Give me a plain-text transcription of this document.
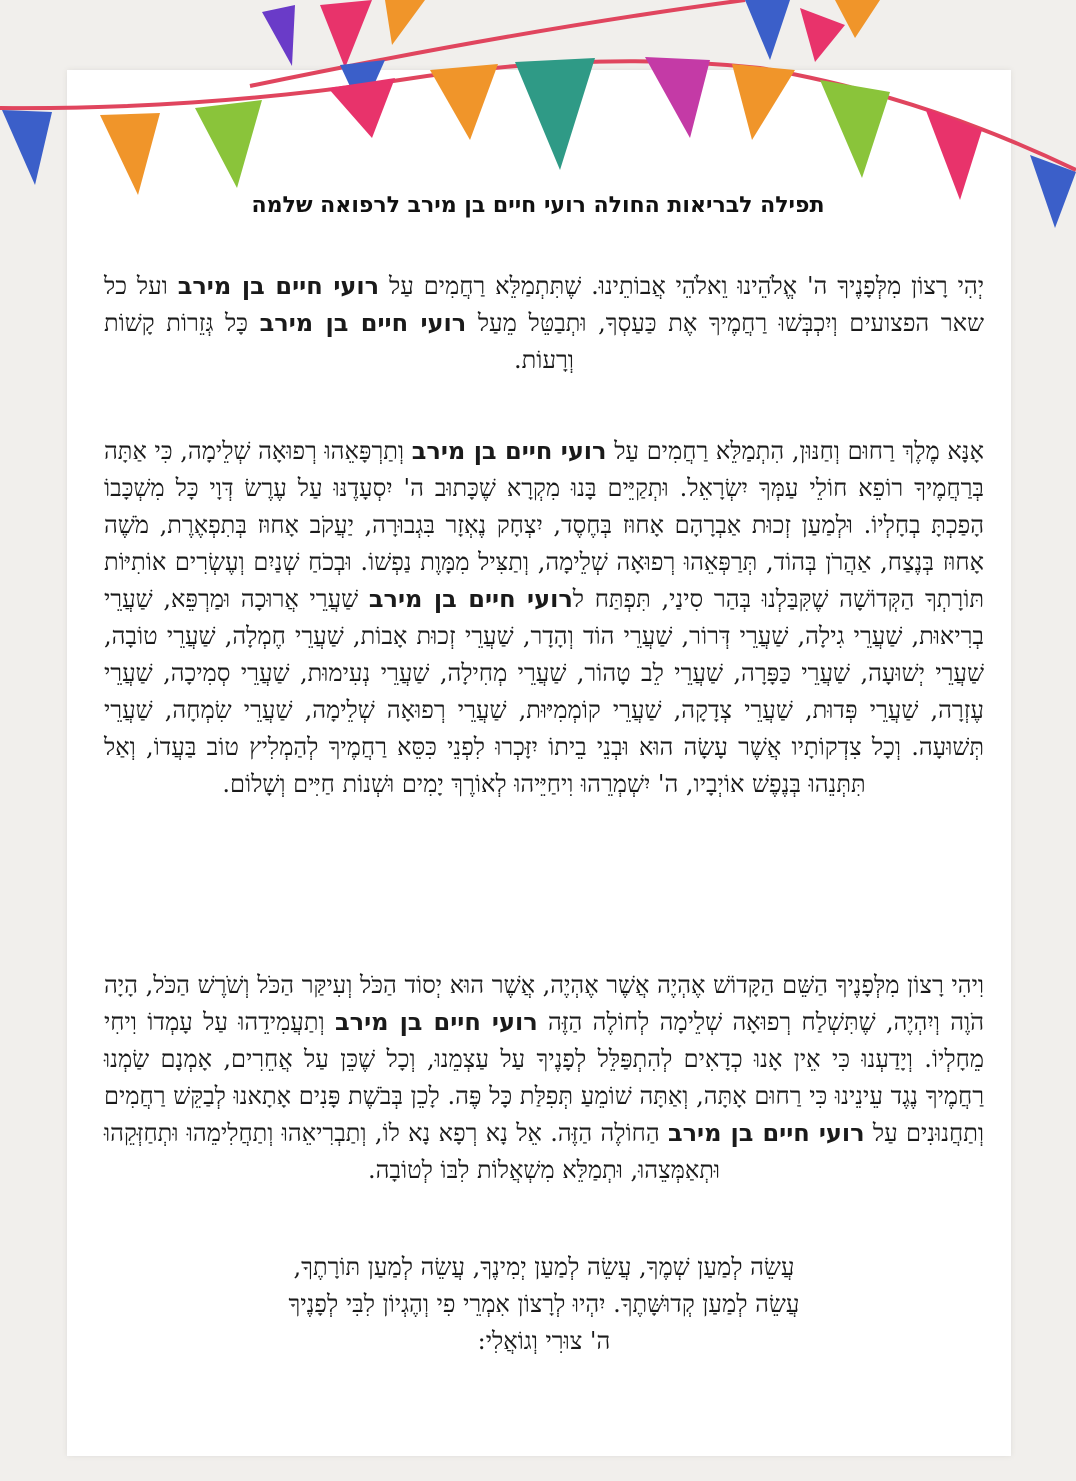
תפילה לבריאות החולה רועי חיים בן מירב לרפואה שלמה
יְהִי רָצוֹן מִלְּפָנֶיךָ ה' אֱלֹהֵינוּ וֵאלֹהֵי אֲבוֹתֵינוּ. שֶׁתִּתְמַלֵּא רַחֲמִים עַל רועי חיים בן מירב ועל כל שאר הפצועים וְיִכְבְּשׁוּ רַחֲמֶיךָ אֶת כַּעַסְךָ, וּתְבַטֵּל מֵעַל רועי חיים בן מירב כָּל גְּזֵרוֹת קָשׁוֹת וְרָעוֹת.
אָנָּא מֶלֶךְ רַחוּם וְחַנּוּן, הִתְמַלֵּא רַחֲמִים עַל רועי חיים בן מירב וְתַרְפָּאֵהוּ רְפוּאָה שְׁלֵימָה, כִּי אַתָּה בְּרַחֲמֶיךָ רוֹפֵא חוֹלֵי עַמְּךָ יִשְׂרָאֵל. וּתְקַיֵּים בָּנוּ מִקְרָא שֶׁכָּתוּב ה' יִסְעָדֶנּוּ עַל עֶרֶשׂ דְּוָי כָּל מִשְׁכָּבוֹ הָפַכְתָּ בְחָלְיוֹ. וּלְמַעַן זְכוּת אַבְרָהָם אָחוּז בְּחֶסֶד, יִצְחָק נֶאְזָר בִּגְבוּרָה, יַעֲקֹב אָחוּז בְּתִפְאֶרֶת, מֹשֶׁה אָחוּז בְּנֶצַח, אַהֲרֹן בְּהוֹד, תְּרַפְּאֵהוּ רְפוּאָה שְׁלֵימָה, וְתַצִּיל מִמָּוֶת נַפְשׁוֹ. וּבְכֹחַ שְׁנַיִם וְעֶשְׂרִים אוֹתִיּוֹת תּוֹרָתְךָ הַקְּדוֹשָׁה שֶׁקִּבַּלְנוּ בְּהַר סִינַי, תִּפְתַּח לרועי חיים בן מירב שַׁעֲרֵי אֲרוּכָה וּמַרְפֵּא, שַׁעֲרֵי בְרִיאוּת, שַׁעֲרֵי גִילָה, שַׁעֲרֵי דְּרוֹר, שַׁעֲרֵי הוֹד וְהָדָר, שַׁעֲרֵי זְכוּת אָבוֹת, שַׁעֲרֵי חֶמְלָה, שַׁעֲרֵי טוֹבָה, שַׁעֲרֵי יְשׁוּעָה, שַׁעֲרֵי כַּפָּרָה, שַׁעֲרֵי לֵב טָהוֹר, שַׁעֲרֵי מְחִילָה, שַׁעֲרֵי נְעִימוּת, שַׁעֲרֵי סְמִיכָה, שַׁעֲרֵי עֶזְרָה, שַׁעֲרֵי פְּדוּת, שַׁעֲרֵי צְדָקָה, שַׁעֲרֵי קוֹמְמִיּוּת, שַׁעֲרֵי רְפוּאָה שְׁלֵימָה, שַׁעֲרֵי שִׂמְחָה, שַׁעֲרֵי תְּשׁוּעָה. וְכָל צִדְקוֹתָיו אֲשֶׁר עָשָׂה הוּא וּבְנֵי בֵיתוֹ יִזָּכְרוּ לִפְנֵי כִּסֵּא רַחֲמֶיךָ לְהַמְלִיץ טוֹב בַּעֲדוֹ, וְאַל תִּתְּנֵהוּ בְּנֶפֶשׁ אוֹיְבָיו, ה' יִשְׁמְרֵהוּ וִיחַיֵּיהוּ לְאוֹרֶךְ יָמִים וּשְׁנוֹת חַיִּים וְשָׁלוֹם.
וִיהִי רָצוֹן מִלְּפָנֶיךָ הַשֵּׁם הַקָּדוֹשׁ אֶהְיֶה אֲשֶׁר אֶהְיֶה, אֲשֶׁר הוּא יְסוֹד הַכֹּל וְעִיקַּר הַכֹּל וְשֹׁרֶשׁ הַכֹּל, הָיָה הֹוֶה וְיִהְיֶה, שֶׁתִּשְׁלַח רְפוּאָה שְׁלֵימָה לְחוֹלֶה הַזֶּה רועי חיים בן מירב וְתַעֲמִידֵהוּ עַל עָמְדוֹ וִיחִי מֵחָלְיוֹ. וְיָדַעְנוּ כִּי אֵין אָנוּ כְדָאִים לְהִתְפַּלֵּל לְפָנֶיךָ עַל עַצְמֵנוּ, וְכָל שֶׁכֵּן עַל אֲחֵרִים, אָמְנָם שַׂמְנוּ רַחֲמֶיךָ נֶגֶד עֵינֵינוּ כִּי רַחוּם אָתָּה, וְאַתָּה שׁוֹמֵעַ תְּפִלַּת כָּל פֶּה. לָכֵן בְּבֹשֶׁת פָּנִים אָתָאנוּ לְבַקֵּשׁ רַחֲמִים וְתַחֲנוּנִים עַל רועי חיים בן מירב הַחוֹלֶה הַזֶּה. אֵל נָא רְפָא נָא לוֹ, וְתַבְרִיאֵהוּ וְתַחֲלִימֵהוּ וּתְחַזְּקֵהוּ וּתְאַמְּצֵהוּ, וּתְמַלֵּא מִשְׁאֲלוֹת לִבּוֹ לְטוֹבָה.
עֲשֵׂה לְמַעַן שְׁמֶךָ, עֲשֵׂה לְמַעַן יְמִינֶךָ, עֲשֵׂה לְמַעַן תּוֹרָתֶךָ,
עֲשֵׂה לְמַעַן קְדוּשָּׁתֶךָ. יִהְיוּ לְרָצוֹן אִמְרֵי פִי וְהֶגְיוֹן לִבִּי לְפָנֶיךָ
ה' צוּרִי וְגוֹאֲלִי:
